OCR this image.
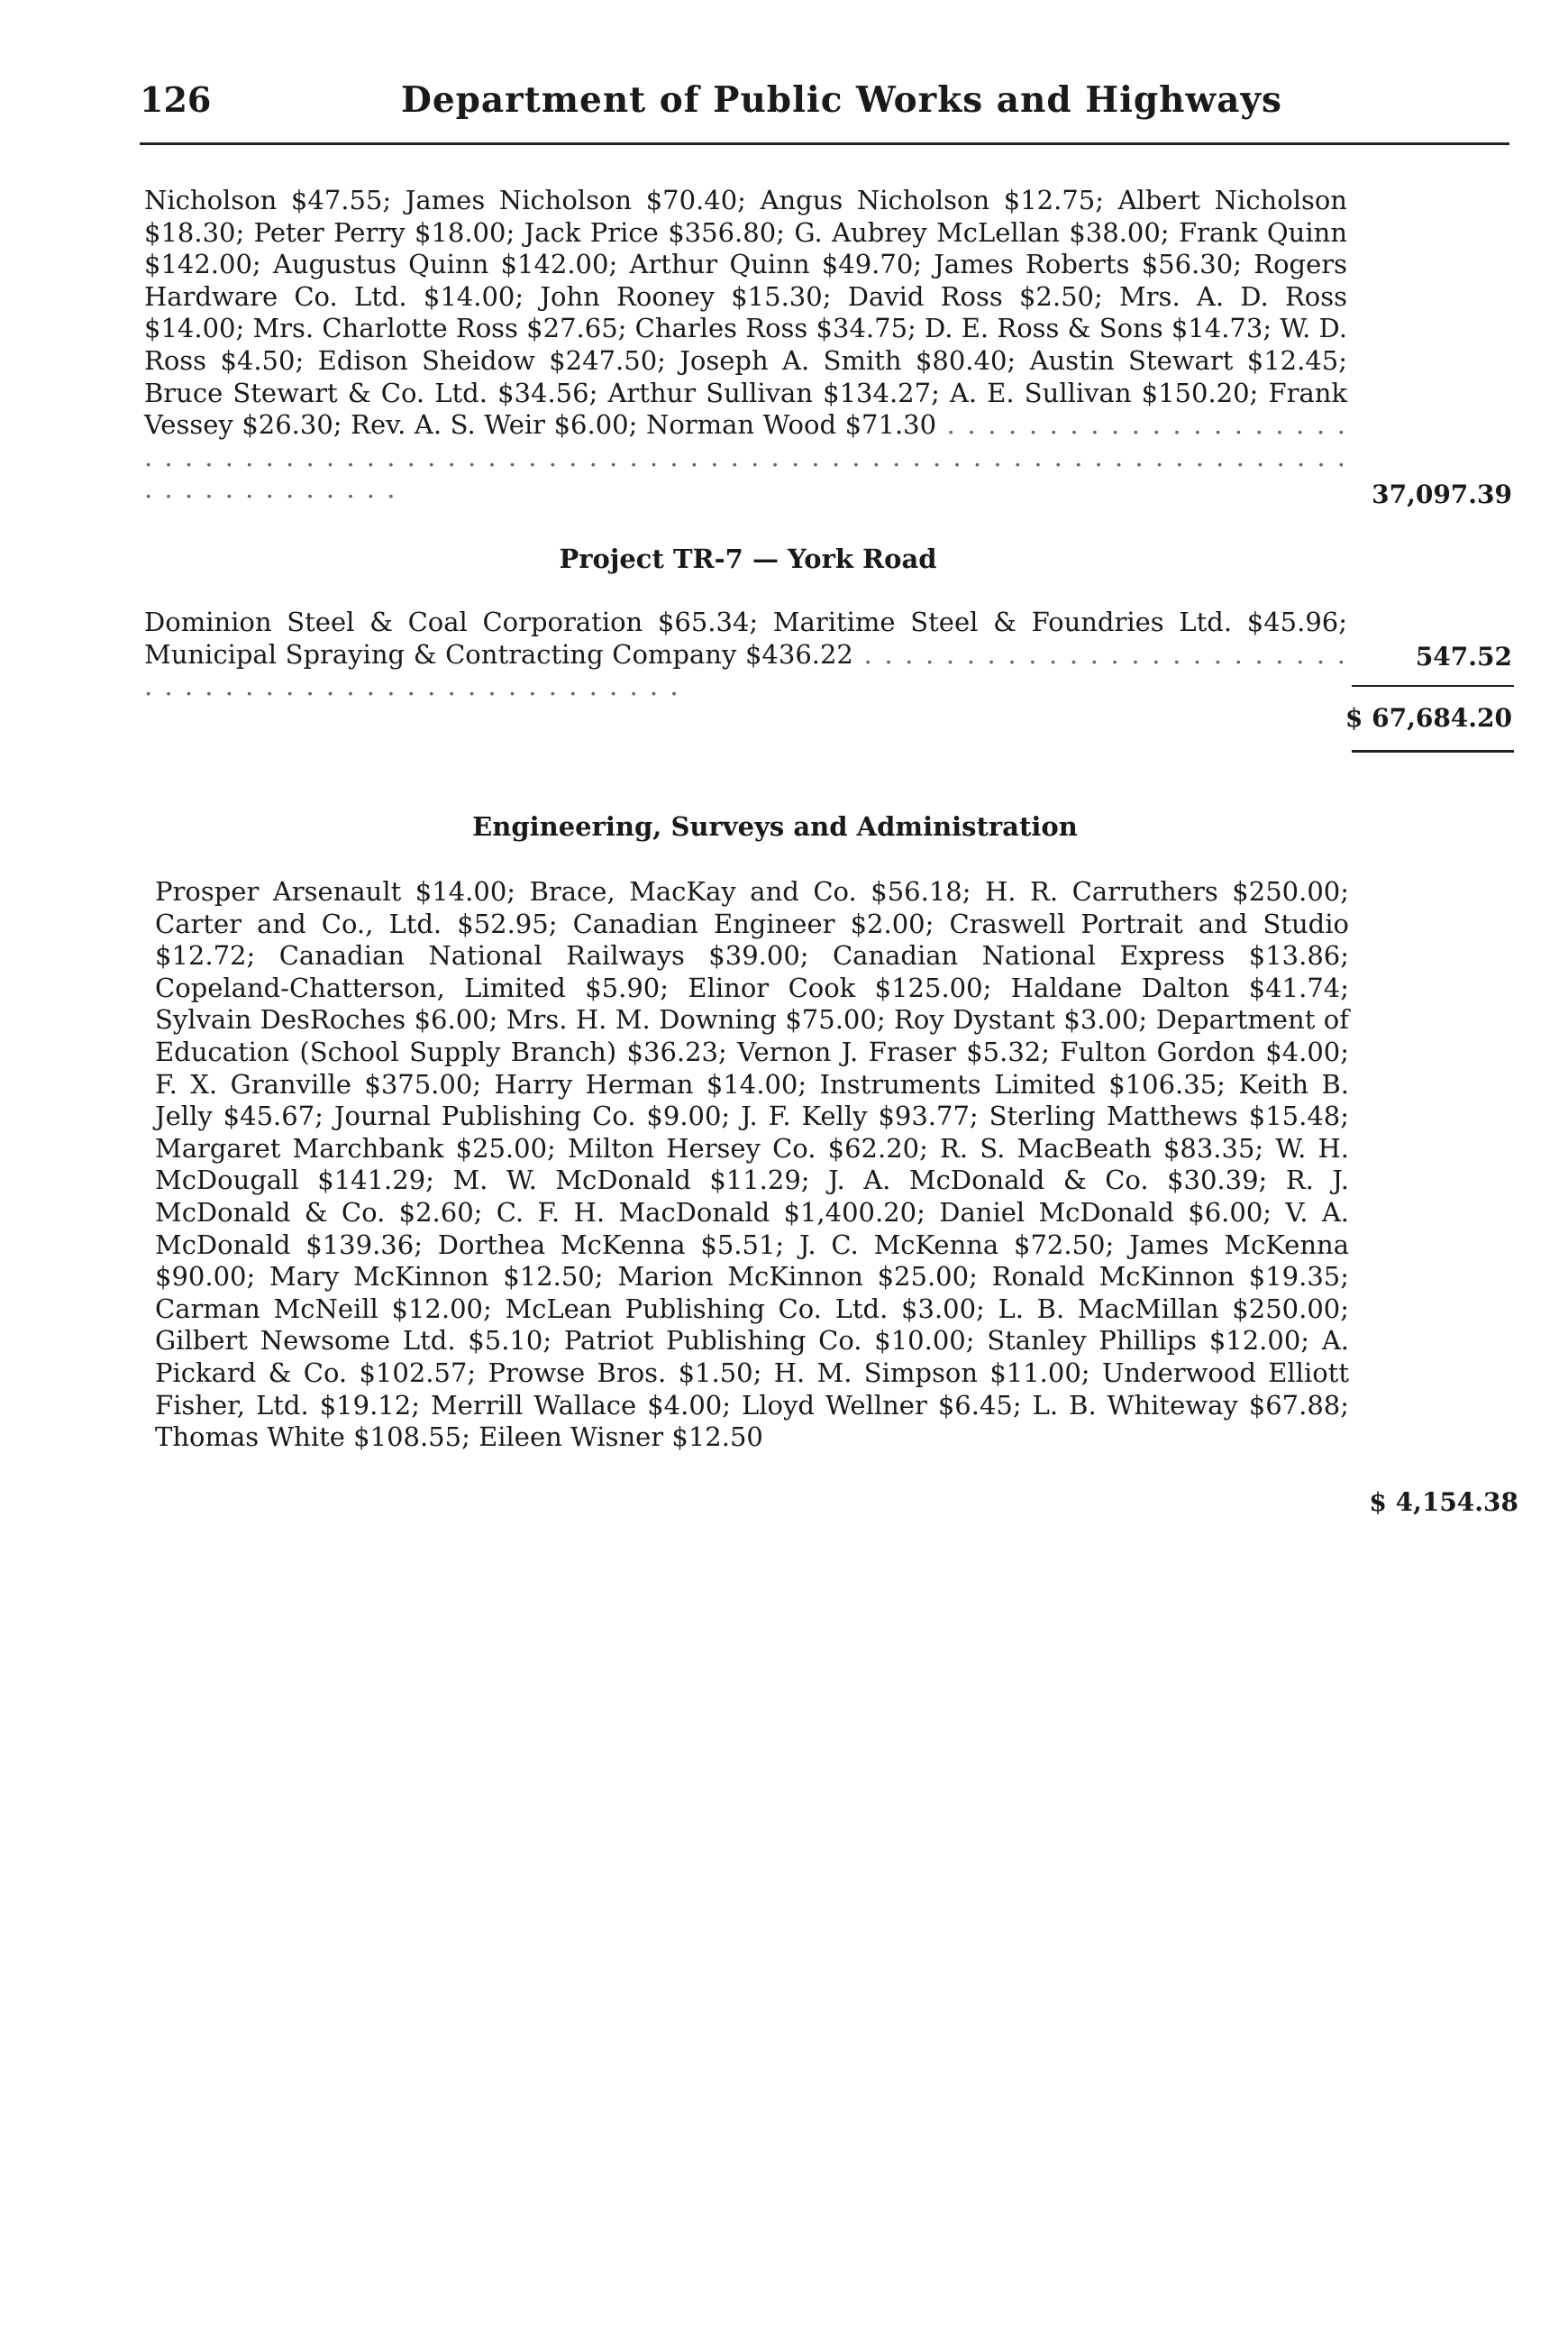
126	Department of Public Works and Highways
Nicholson $47.55; James Nicholson $70.40; Angus Nicholson $12.75; Albert Nicholson $18.30; Peter Perry $18.00; Jack Price $356.80; G. Aubrey McLellan $38.00; Frank Quinn $142.00; Augustus Quinn $142.00; Arthur Quinn $49.70; James Roberts $56.30; Rogers Hardware Co. Ltd. $14.00; John Rooney $15.30; David Ross $2.50; Mrs. A. D. Ross $14.00; Mrs. Charlotte Ross $27.65; Charles Ross $34.75; D. E. Ross & Sons $14.73; W. D. Ross $4.50; Edison Sheidow $247.50; Joseph A. Smith $80.40; Austin Stewart $12.45; Bruce Stewart & Co. Ltd. $34.56; Arthur Sullivan $134.27; A. E. Sullivan $150.20; Frank Vessey $26.30; Rev. A. S. Weir $6.00; Norman Wood $71.30 . . . . . . . . . . . . . . . . . . . . . . . . . . . . . . . . . . . . . . . . . . . . . . . . . . . . . . . . . . . . . . . . . . . . . . . . . . . . . . . . . . . . . . . . . . . . .	37,097.39
Project TR-7 — York Road
Dominion Steel & Coal Corporation $65.34; Maritime Steel & Foundries Ltd. $45.96; Municipal Spraying & Contracting Company $436.22 . . . . . . . . . . . . . . . . . . . . . . . . . . . . . . . . . . . . . . . . . . . . . . . . . . .
547.52
$ 67,684.20
Engineering, Surveys and Administration
Prosper Arsenault $14.00; Brace, MacKay and Co. $56.18; H. R. Carruthers $250.00; Carter and Co., Ltd. $52.95; Canadian Engineer $2.00; Craswell Portrait and Studio $12.72; Canadian National Railways $39.00; Canadian National Express $13.86; Copeland-Chatterson, Limited $5.90; Elinor Cook $125.00; Haldane Dalton $41.74; Sylvain DesRoches $6.00; Mrs. H. M. Downing $75.00; Roy Dystant $3.00; Department of Education (School Supply Branch) $36.23; Vernon J. Fraser $5.32; Fulton Gordon $4.00; F. X. Granville $375.00; Harry Herman $14.00; Instruments Limited $106.35; Keith B. Jelly $45.67; Journal Publishing Co. $9.00; J. F. Kelly $93.77; Sterling Matthews $15.48; Margaret Marchbank $25.00; Milton Hersey Co. $62.20; R. S. MacBeath $83.35; W. H. McDougall $141.29; M. W. McDonald $11.29; J. A. McDonald & Co. $30.39; R. J. McDonald & Co. $2.60; C. F. H. MacDonald $1,400.20; Daniel McDonald $6.00; V. A. McDonald $139.36; Dorthea McKenna $5.51; J. C. McKenna $72.50; James McKenna $90.00; Mary McKinnon $12.50; Marion McKinnon $25.00; Ronald McKinnon $19.35; Carman McNeill $12.00; McLean Publishing Co. Ltd. $3.00; L. B. MacMillan $250.00; Gilbert Newsome Ltd. $5.10; Patriot Publishing Co. $10.00; Stanley Phillips $12.00; A. Pickard & Co. $102.57; Prowse Bros. $1.50; H. M. Simpson $11.00; Underwood Elliott Fisher, Ltd. $19.12; Merrill Wallace $4.00; Lloyd Wellner $6.45; L. B. Whiteway $67.88; Thomas White $108.55; Eileen Wisner $12.50
$ 4,154.38
